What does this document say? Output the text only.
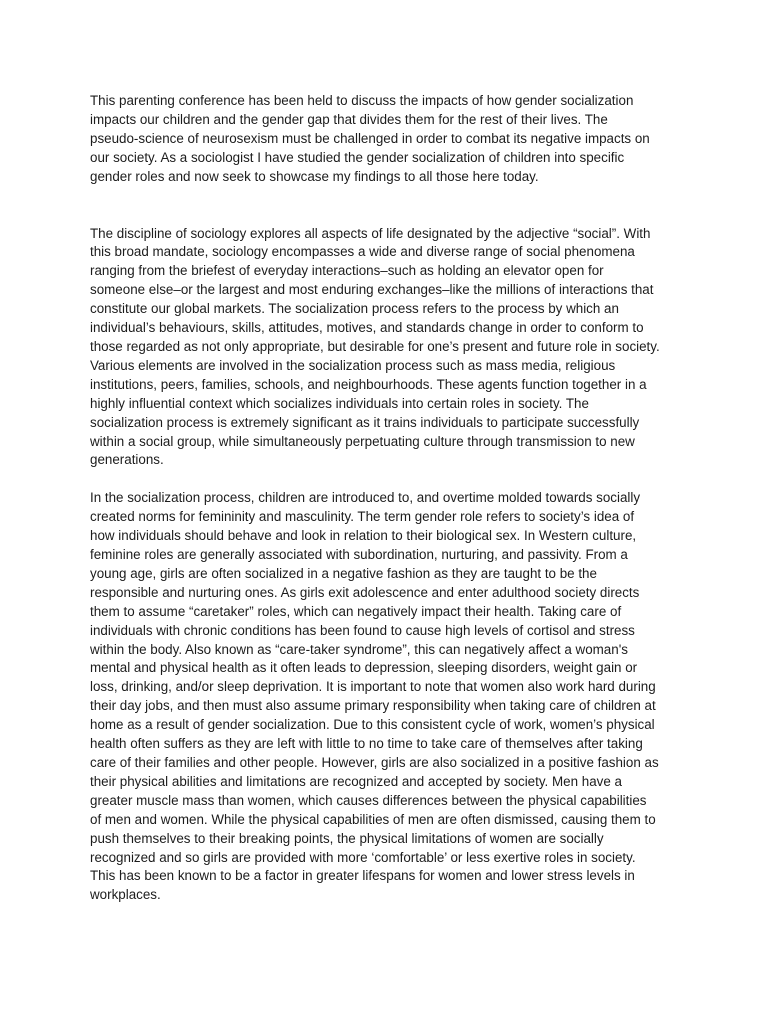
This parenting conference has been held to discuss the impacts of how gender socialization
impacts our children and the gender gap that divides them for the rest of their lives. The
pseudo-science of neurosexism must be challenged in order to combat its negative impacts on
our society. As a sociologist I have studied the gender socialization of children into specific
gender roles and now seek to showcase my findings to all those here today.

The discipline of sociology explores all aspects of life designated by the adjective “social”. With
this broad mandate, sociology encompasses a wide and diverse range of social phenomena
ranging from the briefest of everyday interactions–such as holding an elevator open for
someone else–or the largest and most enduring exchanges–like the millions of interactions that
constitute our global markets. The socialization process refers to the process by which an
individual’s behaviours, skills, attitudes, motives, and standards change in order to conform to
those regarded as not only appropriate, but desirable for one’s present and future role in society.
Various elements are involved in the socialization process such as mass media, religious
institutions, peers, families, schools, and neighbourhoods. These agents function together in a
highly influential context which socializes individuals into certain roles in society. The
socialization process is extremely significant as it trains individuals to participate successfully
within a social group, while simultaneously perpetuating culture through transmission to new
generations.

In the socialization process, children are introduced to, and overtime molded towards socially
created norms for femininity and masculinity. The term gender role refers to society’s idea of
how individuals should behave and look in relation to their biological sex. In Western culture,
feminine roles are generally associated with subordination, nurturing, and passivity. From a
young age, girls are often socialized in a negative fashion as they are taught to be the
responsible and nurturing ones. As girls exit adolescence and enter adulthood society directs
them to assume “caretaker” roles, which can negatively impact their health. Taking care of
individuals with chronic conditions has been found to cause high levels of cortisol and stress
within the body. Also known as “care-taker syndrome”, this can negatively affect a woman's
mental and physical health as it often leads to depression, sleeping disorders, weight gain or
loss, drinking, and/or sleep deprivation. It is important to note that women also work hard during
their day jobs, and then must also assume primary responsibility when taking care of children at
home as a result of gender socialization. Due to this consistent cycle of work, women’s physical
health often suffers as they are left with little to no time to take care of themselves after taking
care of their families and other people. However, girls are also socialized in a positive fashion as
their physical abilities and limitations are recognized and accepted by society. Men have a
greater muscle mass than women, which causes differences between the physical capabilities
of men and women. While the physical capabilities of men are often dismissed, causing them to
push themselves to their breaking points, the physical limitations of women are socially
recognized and so girls are provided with more ‘comfortable’ or less exertive roles in society.
This has been known to be a factor in greater lifespans for women and lower stress levels in
workplaces.
